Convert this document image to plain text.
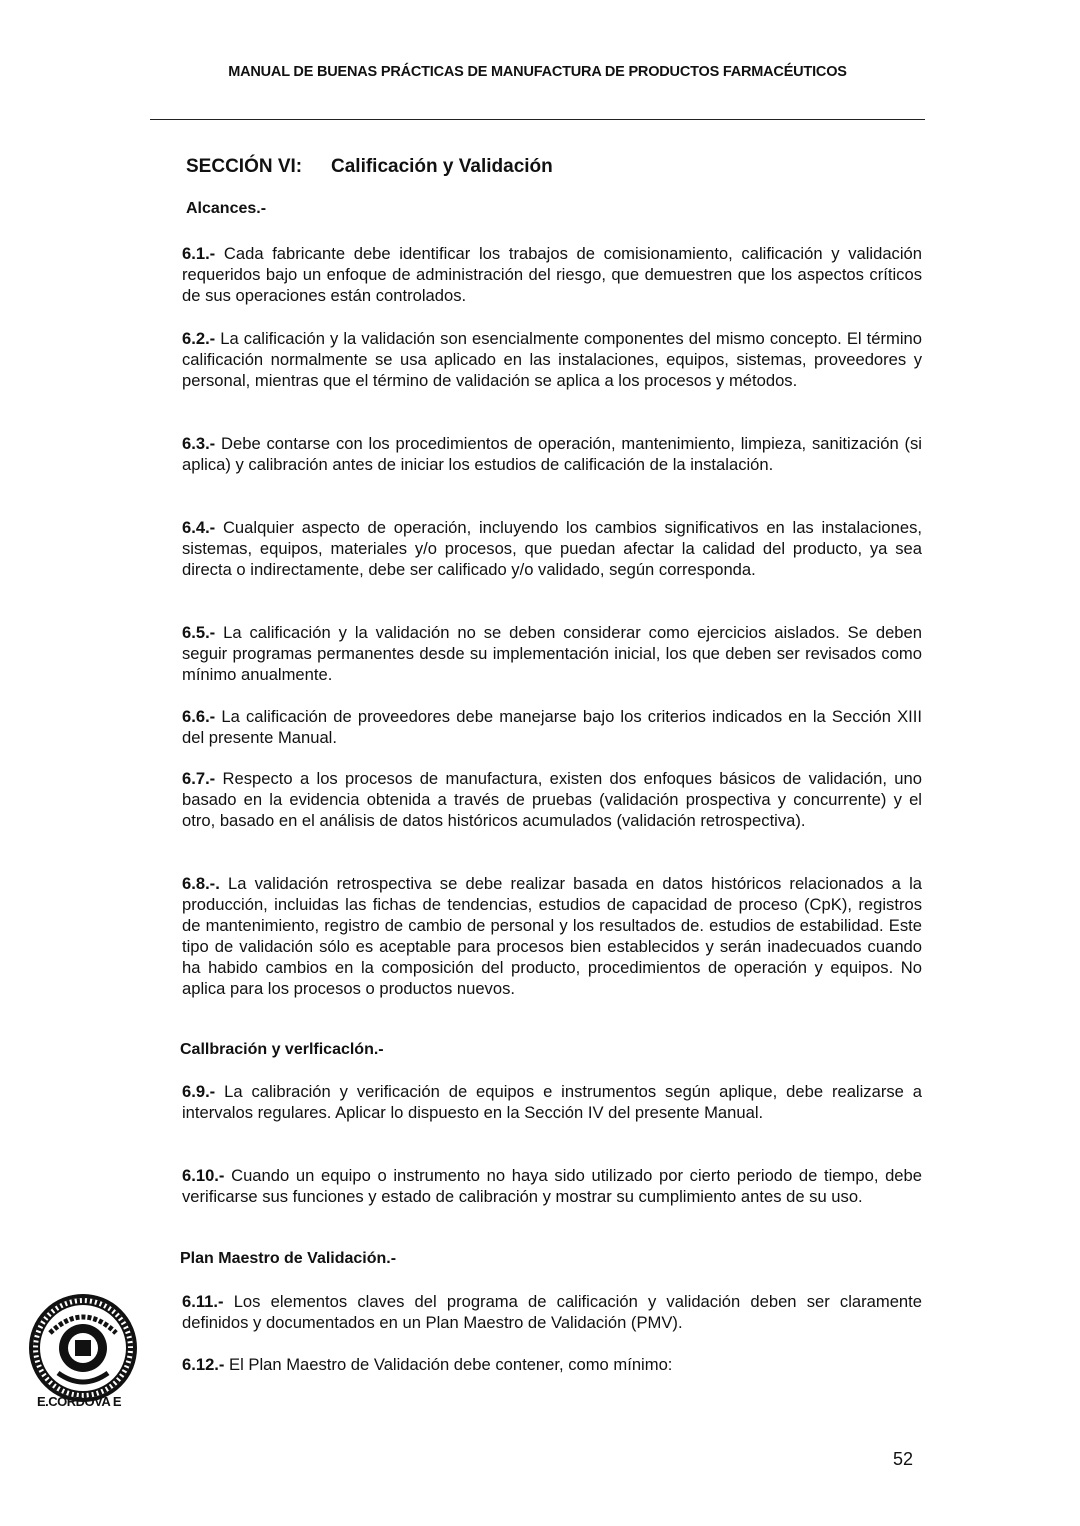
MANUAL DE BUENAS PRÁCTICAS DE MANUFACTURA DE PRODUCTOS FARMACÉUTICOS
SECCIÓN VI: Calificación y Validación
Alcances.-
6.1.- Cada fabricante debe identificar los trabajos de comisionamiento, calificación y validación requeridos bajo un enfoque de administración del riesgo, que demuestren que los aspectos críticos de sus operaciones están controlados.
6.2.- La calificación y la validación son esencialmente componentes del mismo concepto. El término calificación normalmente se usa aplicado en las instalaciones, equipos, sistemas, proveedores y personal, mientras que el término de validación se aplica a los procesos y métodos.
6.3.- Debe contarse con los procedimientos de operación, mantenimiento, limpieza, sanitización (si aplica) y calibración antes de iniciar los estudios de calificación de la instalación.
6.4.- Cualquier aspecto de operación, incluyendo los cambios significativos en las instalaciones, sistemas, equipos, materiales y/o procesos, que puedan afectar la calidad del producto, ya sea directa o indirectamente, debe ser calificado y/o validado, según corresponda.
6.5.- La calificación y la validación no se deben considerar como ejercicios aislados. Se deben seguir programas permanentes desde su implementación inicial, los que deben ser revisados como mínimo anualmente.
6.6.- La calificación de proveedores debe manejarse bajo los criterios indicados en la Sección XIII del presente Manual.
6.7.- Respecto a los procesos de manufactura, existen dos enfoques básicos de validación, uno basado en la evidencia obtenida a través de pruebas (validación prospectiva y concurrente) y el otro, basado en el análisis de datos históricos acumulados (validación retrospectiva).
6.8.-. La validación retrospectiva se debe realizar basada en datos históricos relacionados a la producción, incluidas las fichas de tendencias, estudios de capacidad de proceso (CpK), registros de mantenimiento, registro de cambio de personal y los resultados de. estudios de estabilidad. Este tipo de validación sólo es aceptable para procesos bien establecidos y serán inadecuados cuando ha habido cambios en la composición del producto, procedimientos de operación y equipos. No aplica para los procesos o productos nuevos.
Callbración y verlficaclón.-
6.9.- La calibración y verificación de equipos e instrumentos según aplique, debe realizarse a intervalos regulares. Aplicar lo dispuesto en la Sección IV del presente Manual.
6.10.- Cuando un equipo o instrumento no haya sido utilizado por cierto periodo de tiempo, debe verificarse sus funciones y estado de calibración y mostrar su cumplimiento antes de su uso.
Plan Maestro de Validación.-
6.11.- Los elementos claves del programa de calificación y validación deben ser claramente definidos y documentados en un Plan Maestro de Validación (PMV).
6.12.- El Plan Maestro de Validación debe contener, como mínimo:
E.CÓRDOVA E
52
